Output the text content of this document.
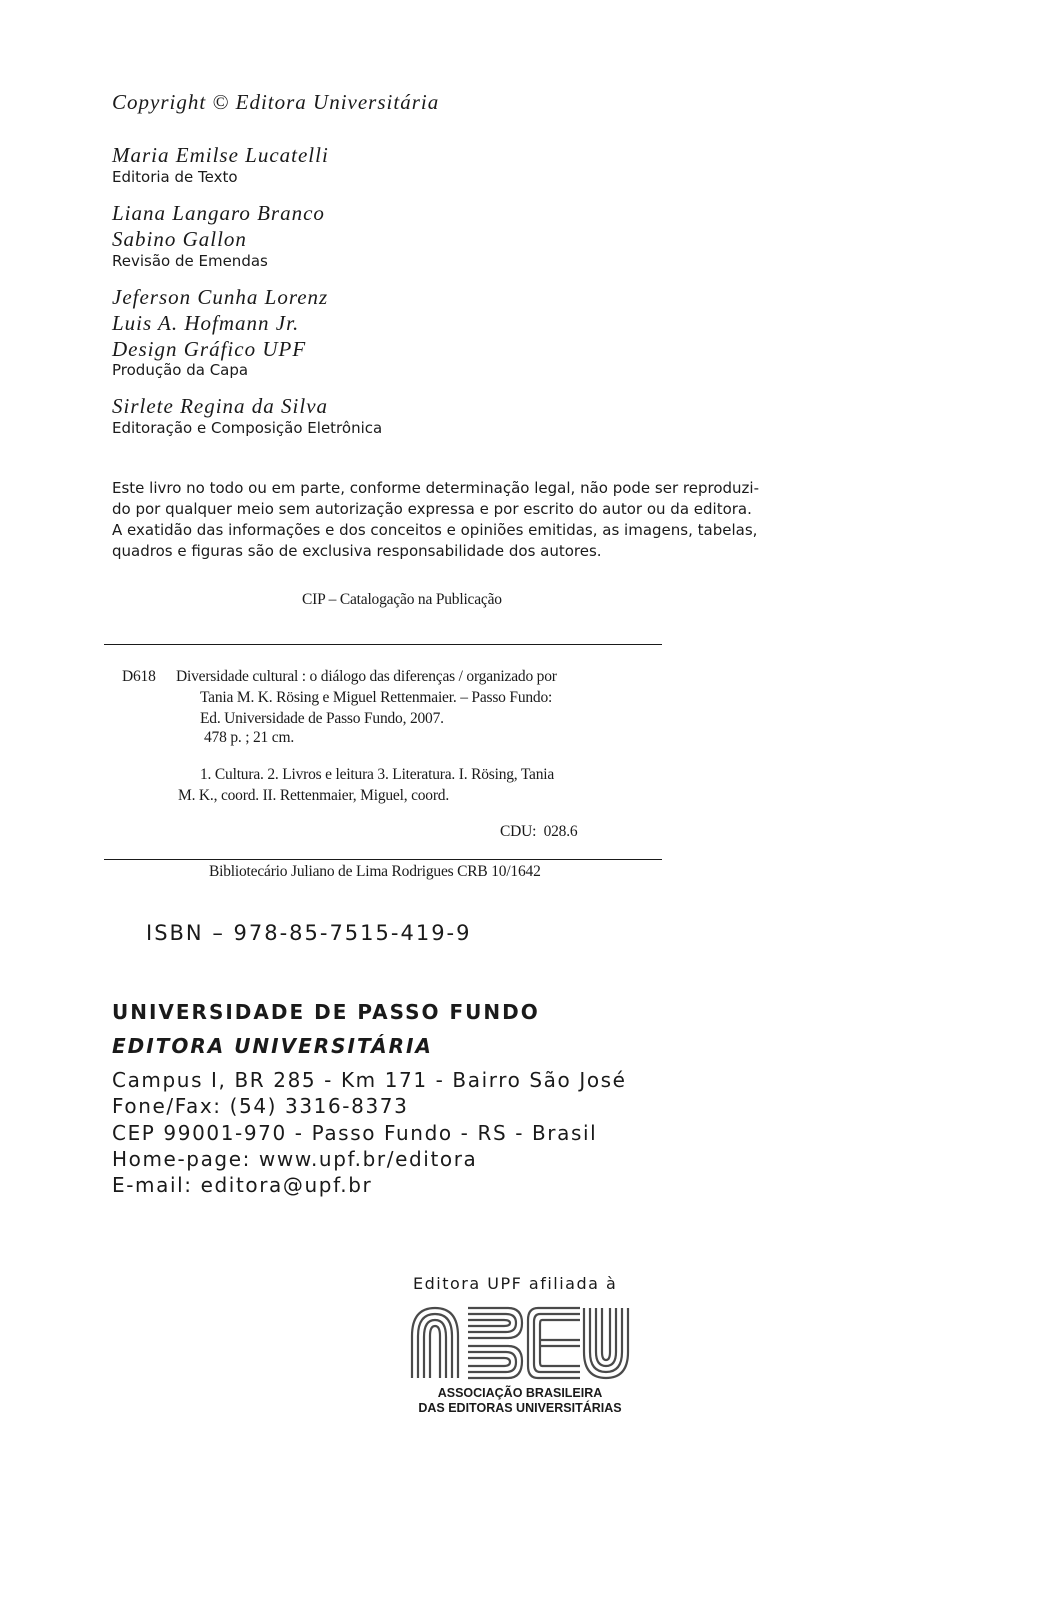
Copyright © Editora Universitária
Maria Emilse Lucatelli
Editoria de Texto
Liana Langaro Branco
Sabino Gallon
Revisão de Emendas
Jeferson Cunha Lorenz
Luis A. Hofmann Jr.
Design Gráfico UPF
Produção da Capa
Sirlete Regina da Silva
Editoração e Composição Eletrônica
Este livro no todo ou em parte, conforme determinação legal, não pode ser reproduzi-
do por qualquer meio sem autorização expressa e por escrito do autor ou da editora.
A exatidão das informações e dos conceitos e opiniões emitidas, as imagens, tabelas,
quadros e figuras são de exclusiva responsabilidade dos autores.
CIP – Catalogação na Publicação
D618 Diversidade cultural : o diálogo das diferenças / organizado por
Tania M. K. Rösing e Miguel Rettenmaier. – Passo Fundo:
Ed. Universidade de Passo Fundo, 2007.
478 p. ; 21 cm.
1. Cultura. 2. Livros e leitura 3. Literatura. I. Rösing, Tania
M. K., coord. II. Rettenmaier, Miguel, coord.
CDU:  028.6
Bibliotecário Juliano de Lima Rodrigues CRB 10/1642
ISBN – 978-85-7515-419-9
UNIVERSIDADE DE PASSO FUNDO
EDITORA UNIVERSITÁRIA
Campus I, BR 285 - Km 171 - Bairro São José
Fone/Fax: (54) 3316-8373
CEP 99001-970 - Passo Fundo - RS - Brasil
Home-page: www.upf.br/editora
E-mail: editora@upf.br
Editora UPF afiliada à
ASSOCIAÇÃO BRASILEIRA
DAS EDITORAS UNIVERSITÁRIAS
